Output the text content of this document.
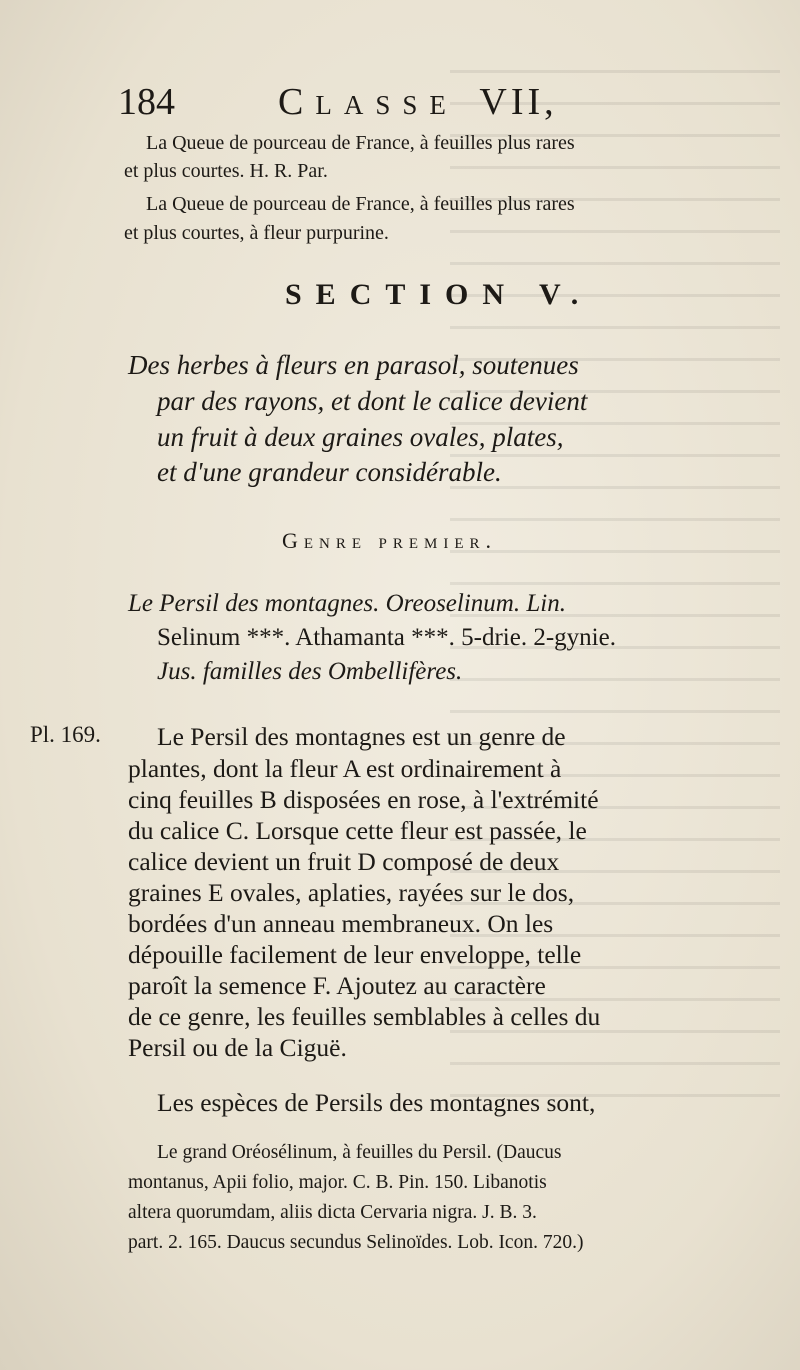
184	Classe VII,
La Queue de pourceau de France, à feuilles plus rares
et plus courtes. H. R. Par.
La Queue de pourceau de France, à feuilles plus rares
et plus courtes, à fleur purpurine.
SECTION V.
Des herbes à fleurs en parasol, soutenues
par des rayons, et dont le calice devient
un fruit à deux graines ovales, plates,
et d'une grandeur considérable.
Genre premier.
Le Persil des montagnes. Oreoselinum. Lin.
Selinum ***. Athamanta ***. 5-drie. 2-gynie.
Jus. familles des Ombellifères.
Pl. 169. Le Persil des montagnes est un genre de
plantes, dont la fleur A est ordinairement à
cinq feuilles B disposées en rose, à l'extrémité
du calice C. Lorsque cette fleur est passée, le
calice devient un fruit D composé de deux
graines E ovales, aplaties, rayées sur le dos,
bordées d'un anneau membraneux. On les
dépouille facilement de leur enveloppe, telle
paroît la semence F. Ajoutez au caractère
de ce genre, les feuilles semblables à celles du
Persil ou de la Ciguë.
Les espèces de Persils des montagnes sont,
Le grand Oréosélinum, à feuilles du Persil. (Daucus
montanus, Apii folio, major. C. B. Pin. 150. Libanotis
altera quorumdam, aliis dicta Cervaria nigra. J. B. 3.
part. 2. 165. Daucus secundus Selinoïdes. Lob. Icon. 720.)
